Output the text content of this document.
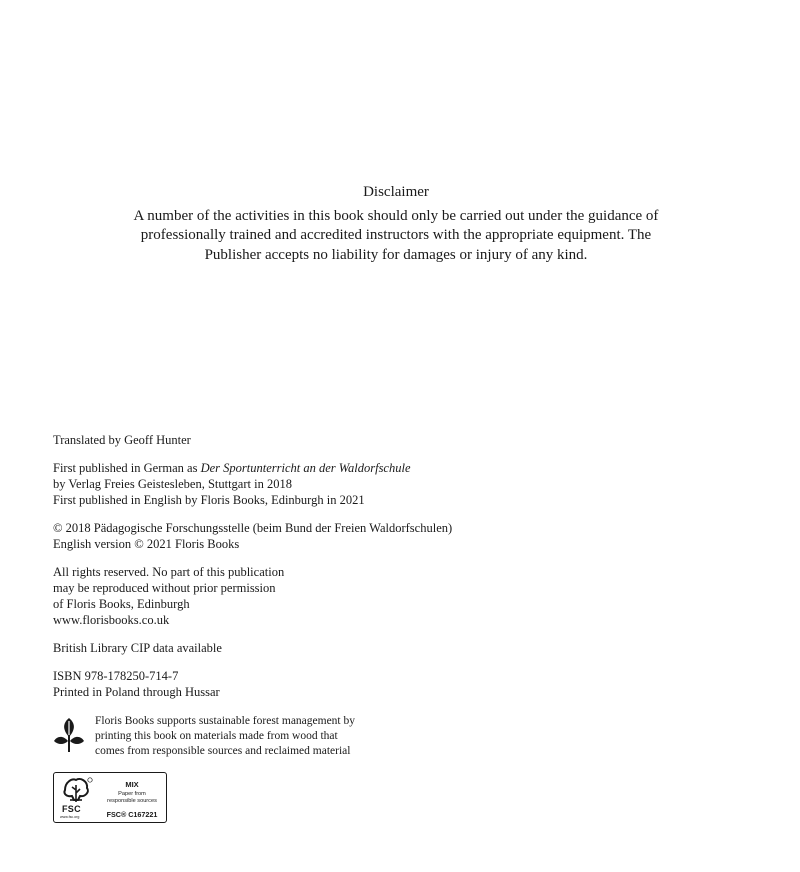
Disclaimer
A number of the activities in this book should only be carried out under the guidance of professionally trained and accredited instructors with the appropriate equipment. The Publisher accepts no liability for damages or injury of any kind.
Translated by Geoff Hunter
First published in German as Der Sportunterricht an der Waldorfschule
by Verlag Freies Geistesleben, Stuttgart in 2018
First published in English by Floris Books, Edinburgh in 2021
© 2018 Pädagogische Forschungsstelle (beim Bund der Freien Waldorfschulen)
English version © 2021 Floris Books
All rights reserved. No part of this publication
may be reproduced without prior permission
of Floris Books, Edinburgh
www.florisbooks.co.uk
British Library CIP data available
ISBN 978-178250-714-7
Printed in Poland through Hussar
Floris Books supports sustainable forest management by
printing this book on materials made from wood that
comes from responsible sources and reclaimed material
FSC
www.fsc.org
MIX
Paper from
responsible sources
FSC® C167221
